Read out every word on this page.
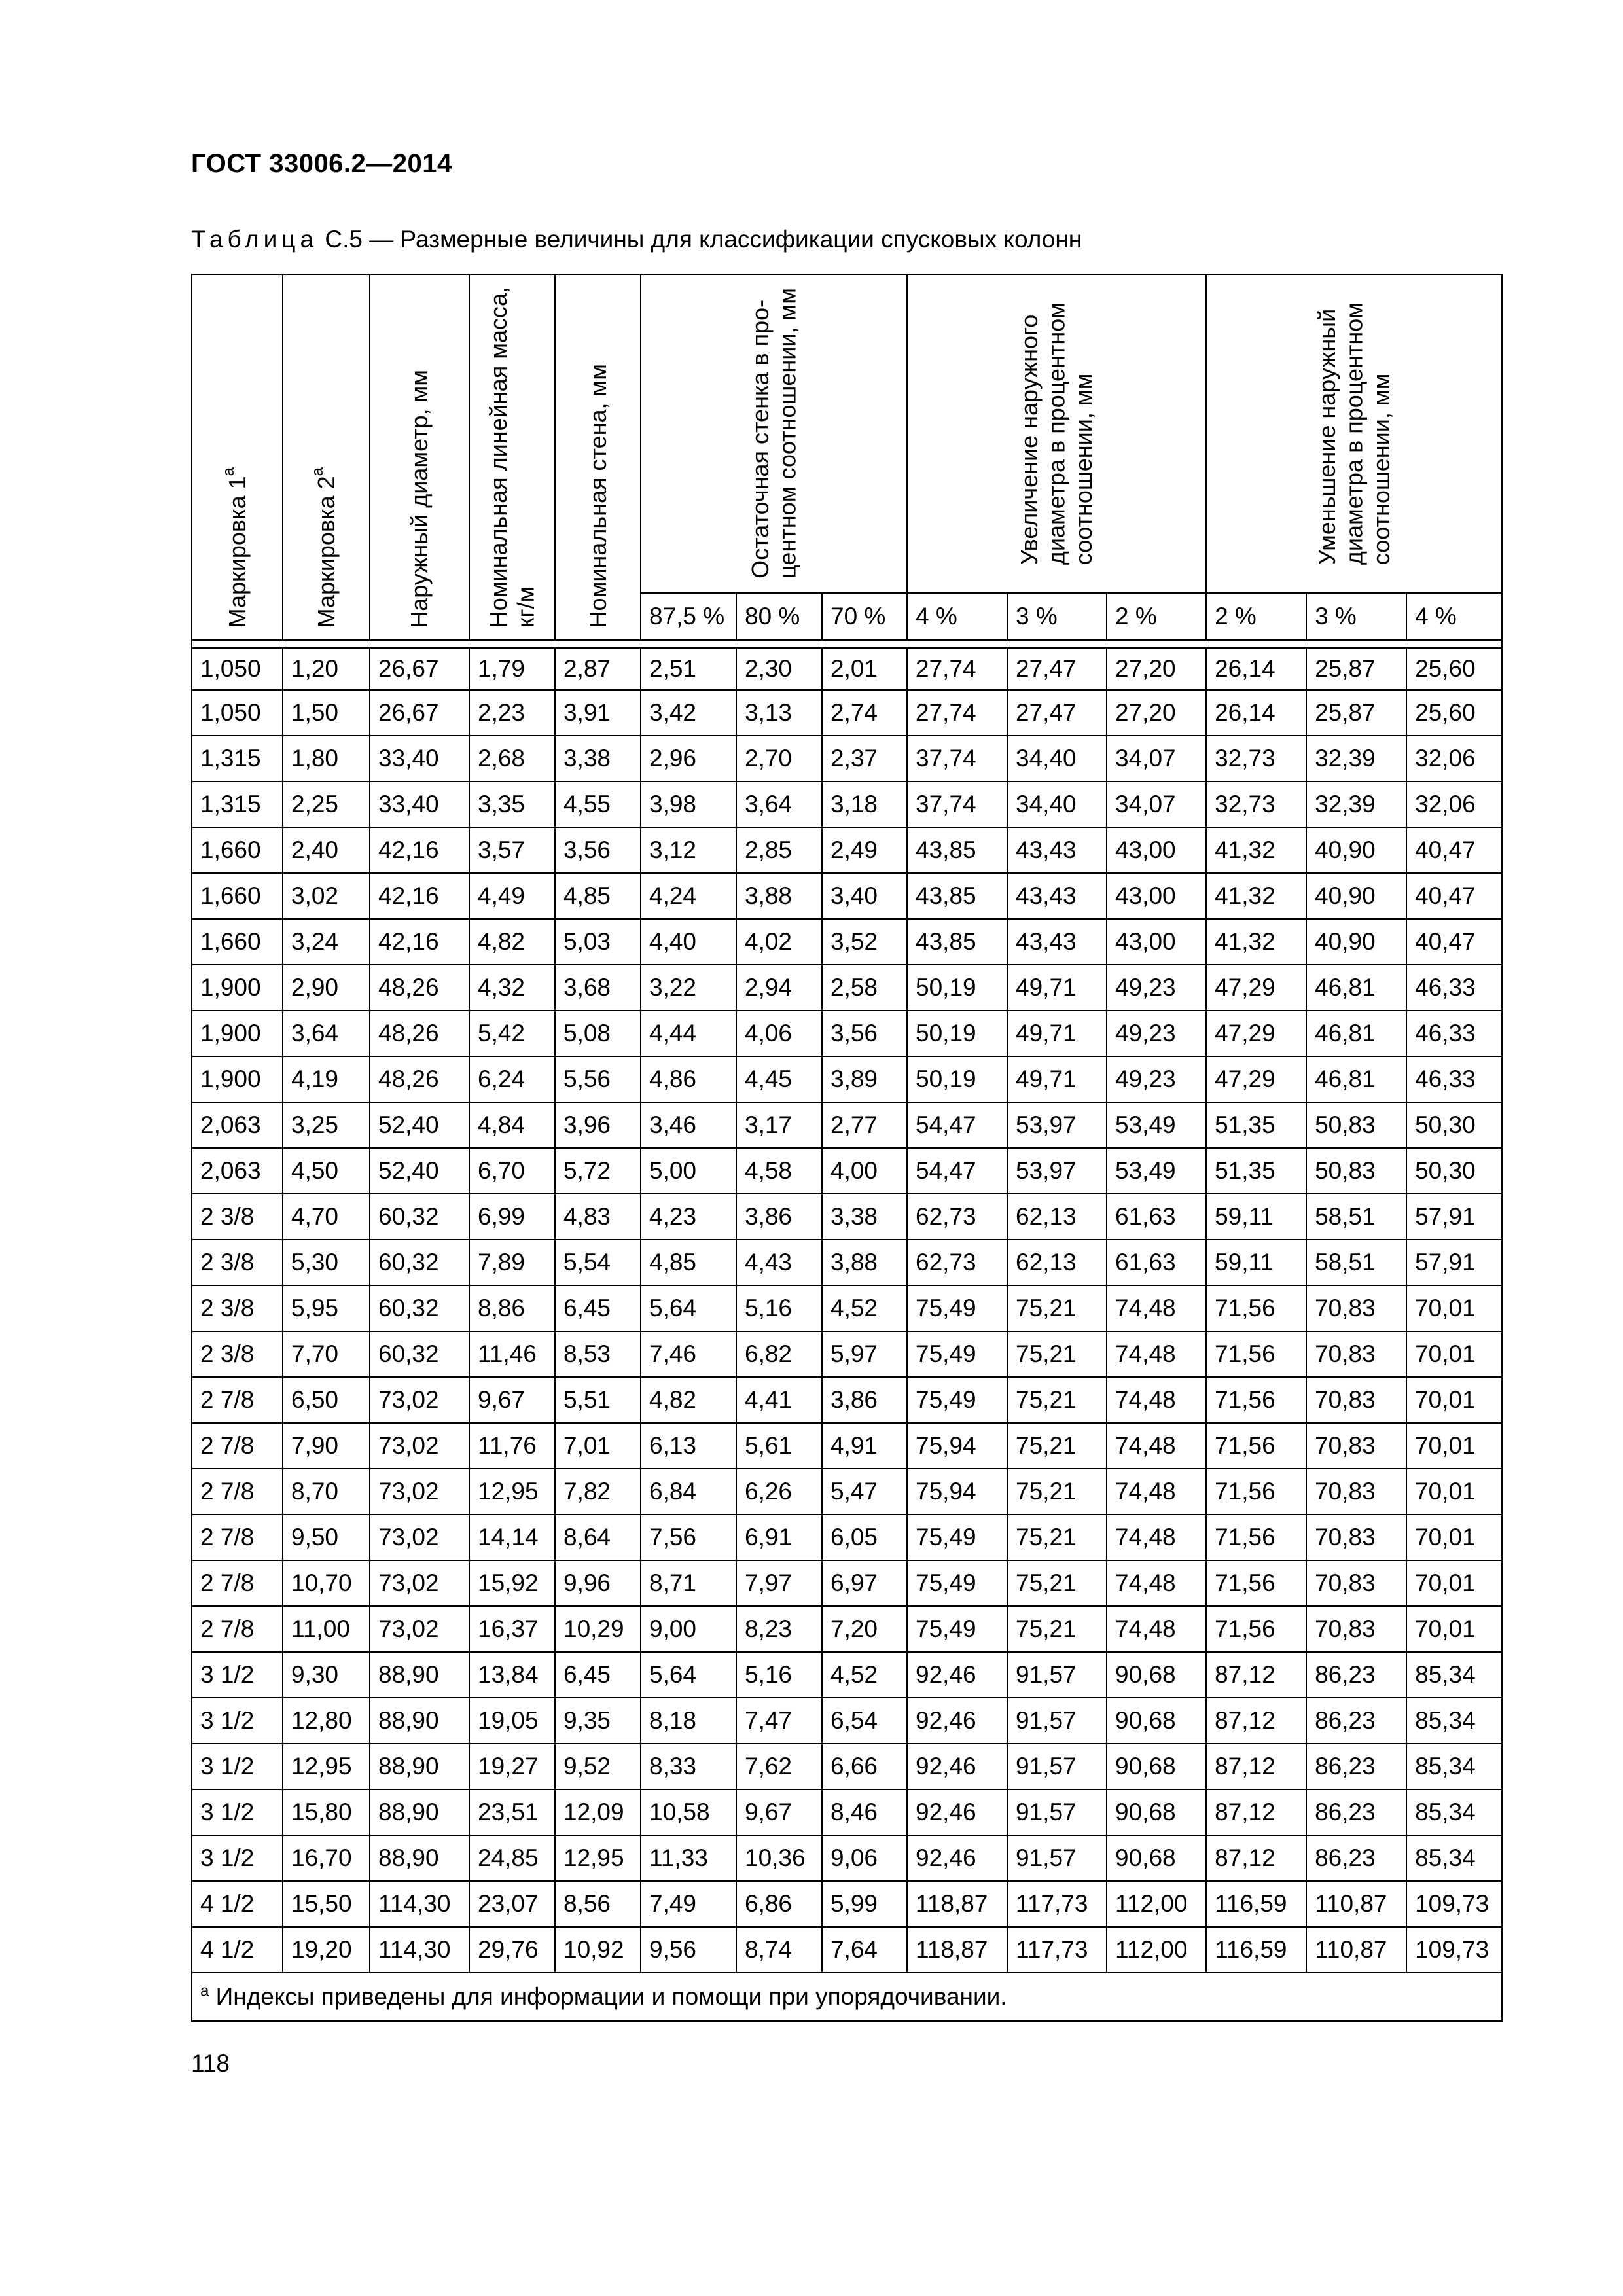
ГОСТ 33006.2—2014
Таблица С.5 — Размерные величины для классификации спусковых колонн
Маркировка 1$^a$	Маркировка 2$^a$	Наружный диаметр, мм	Номинальная линейная масса,
кг/м	Номинальная стена, мм	Остаточная стенка в про-
центном соотношении, мм			Увеличение наружного
диаметра в процентном
соотношении, мм			Уменьшение наружный
диаметра в процентном
соотношении, мм		

					87,5 %	80 %	70 %	4 %	3 %	2 %	2 %	3 %	4 %

1,050	1,20	26,67	1,79	2,87	2,51	2,30	2,01	27,74	27,47	27,20	26,14	25,87	25,60
1,050	1,50	26,67	2,23	3,91	3,42	3,13	2,74	27,74	27,47	27,20	26,14	25,87	25,60
1,315	1,80	33,40	2,68	3,38	2,96	2,70	2,37	37,74	34,40	34,07	32,73	32,39	32,06
1,315	2,25	33,40	3,35	4,55	3,98	3,64	3,18	37,74	34,40	34,07	32,73	32,39	32,06
1,660	2,40	42,16	3,57	3,56	3,12	2,85	2,49	43,85	43,43	43,00	41,32	40,90	40,47
1,660	3,02	42,16	4,49	4,85	4,24	3,88	3,40	43,85	43,43	43,00	41,32	40,90	40,47
1,660	3,24	42,16	4,82	5,03	4,40	4,02	3,52	43,85	43,43	43,00	41,32	40,90	40,47
1,900	2,90	48,26	4,32	3,68	3,22	2,94	2,58	50,19	49,71	49,23	47,29	46,81	46,33
1,900	3,64	48,26	5,42	5,08	4,44	4,06	3,56	50,19	49,71	49,23	47,29	46,81	46,33
1,900	4,19	48,26	6,24	5,56	4,86	4,45	3,89	50,19	49,71	49,23	47,29	46,81	46,33
2,063	3,25	52,40	4,84	3,96	3,46	3,17	2,77	54,47	53,97	53,49	51,35	50,83	50,30
2,063	4,50	52,40	6,70	5,72	5,00	4,58	4,00	54,47	53,97	53,49	51,35	50,83	50,30
2 3/8	4,70	60,32	6,99	4,83	4,23	3,86	3,38	62,73	62,13	61,63	59,11	58,51	57,91
2 3/8	5,30	60,32	7,89	5,54	4,85	4,43	3,88	62,73	62,13	61,63	59,11	58,51	57,91
2 3/8	5,95	60,32	8,86	6,45	5,64	5,16	4,52	75,49	75,21	74,48	71,56	70,83	70,01
2 3/8	7,70	60,32	11,46	8,53	7,46	6,82	5,97	75,49	75,21	74,48	71,56	70,83	70,01
2 7/8	6,50	73,02	9,67	5,51	4,82	4,41	3,86	75,49	75,21	74,48	71,56	70,83	70,01
2 7/8	7,90	73,02	11,76	7,01	6,13	5,61	4,91	75,94	75,21	74,48	71,56	70,83	70,01
2 7/8	8,70	73,02	12,95	7,82	6,84	6,26	5,47	75,94	75,21	74,48	71,56	70,83	70,01
2 7/8	9,50	73,02	14,14	8,64	7,56	6,91	6,05	75,49	75,21	74,48	71,56	70,83	70,01
2 7/8	10,70	73,02	15,92	9,96	8,71	7,97	6,97	75,49	75,21	74,48	71,56	70,83	70,01
2 7/8	11,00	73,02	16,37	10,29	9,00	8,23	7,20	75,49	75,21	74,48	71,56	70,83	70,01
3 1/2	9,30	88,90	13,84	6,45	5,64	5,16	4,52	92,46	91,57	90,68	87,12	86,23	85,34
3 1/2	12,80	88,90	19,05	9,35	8,18	7,47	6,54	92,46	91,57	90,68	87,12	86,23	85,34
3 1/2	12,95	88,90	19,27	9,52	8,33	7,62	6,66	92,46	91,57	90,68	87,12	86,23	85,34
3 1/2	15,80	88,90	23,51	12,09	10,58	9,67	8,46	92,46	91,57	90,68	87,12	86,23	85,34
3 1/2	16,70	88,90	24,85	12,95	11,33	10,36	9,06	92,46	91,57	90,68	87,12	86,23	85,34
4 1/2	15,50	114,30	23,07	8,56	7,49	6,86	5,99	118,87	117,73	112,00	116,59	110,87	109,73
4 1/2	19,20	114,30	29,76	10,92	9,56	8,74	7,64	118,87	117,73	112,00	116,59	110,87	109,73
$^a$ Индексы приведены для информации и помощи при упорядочивании.													
118
